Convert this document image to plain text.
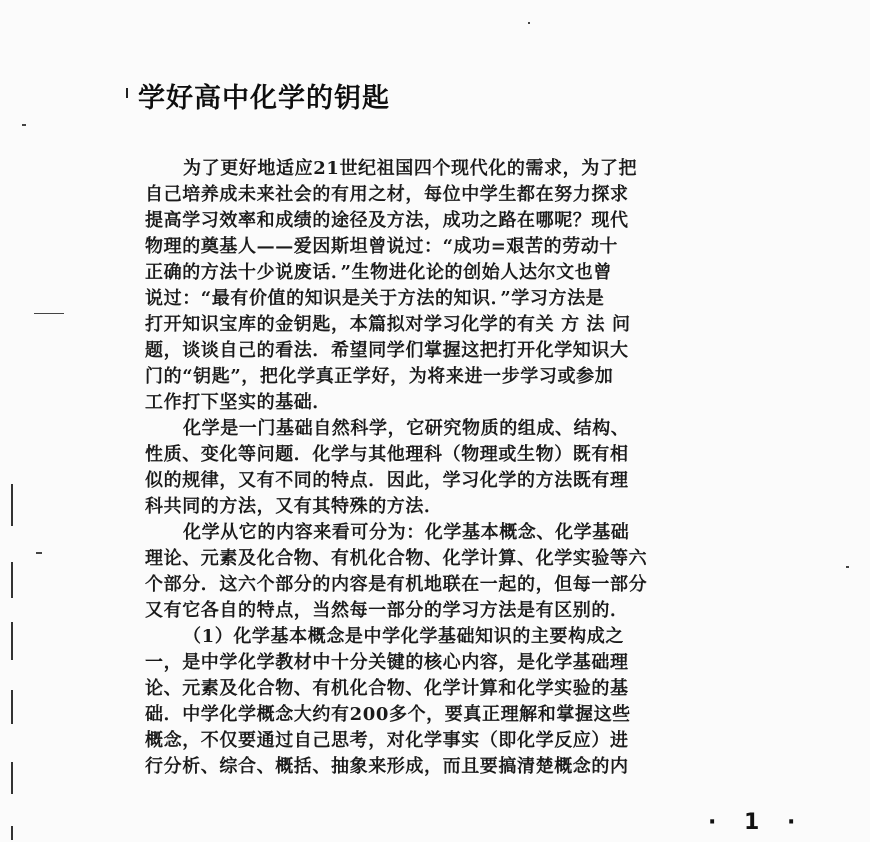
学好高中化学的钥匙
为了更好地适应21世纪祖国四个现代化的需求，为了把
自己培养成未来社会的有用之材，每位中学生都在努力探求
提高学习效率和成绩的途径及方法，成功之路在哪呢？现代
物理的奠基人——爱因斯坦曾说过：“成功=艰苦的劳动十
正确的方法十少说废话．”生物进化论的创始人达尔文也曾
说过：“最有价值的知识是关于方法的知识．”学习方法是
打开知识宝库的金钥匙，本篇拟对学习化学的有关 方 法 问
题，谈谈自己的看法．希望同学们掌握这把打开化学知识大
门的“钥匙”，把化学真正学好，为将来进一步学习或参加
工作打下坚实的基础．
化学是一门基础自然科学，它研究物质的组成、结构、
性质、变化等问题．化学与其他理科（物理或生物）既有相
似的规律，又有不同的特点．因此，学习化学的方法既有理
科共同的方法，又有其特殊的方法．
化学从它的内容来看可分为：化学基本概念、化学基础
理论、元素及化合物、有机化合物、化学计算、化学实验等六
个部分．这六个部分的内容是有机地联在一起的，但每一部分
又有它各自的特点，当然每一部分的学习方法是有区别的．
（1）化学基本概念是中学化学基础知识的主要构成之
一，是中学化学教材中十分关键的核心内容，是化学基础理
论、元素及化合物、有机化合物、化学计算和化学实验的基
础．中学化学概念大约有200多个，要真正理解和掌握这些
概念，不仅要通过自己思考，对化学事实（即化学反应）进
行分析、综合、概括、抽象来形成，而且要搞清楚概念的内
· 1 ·
